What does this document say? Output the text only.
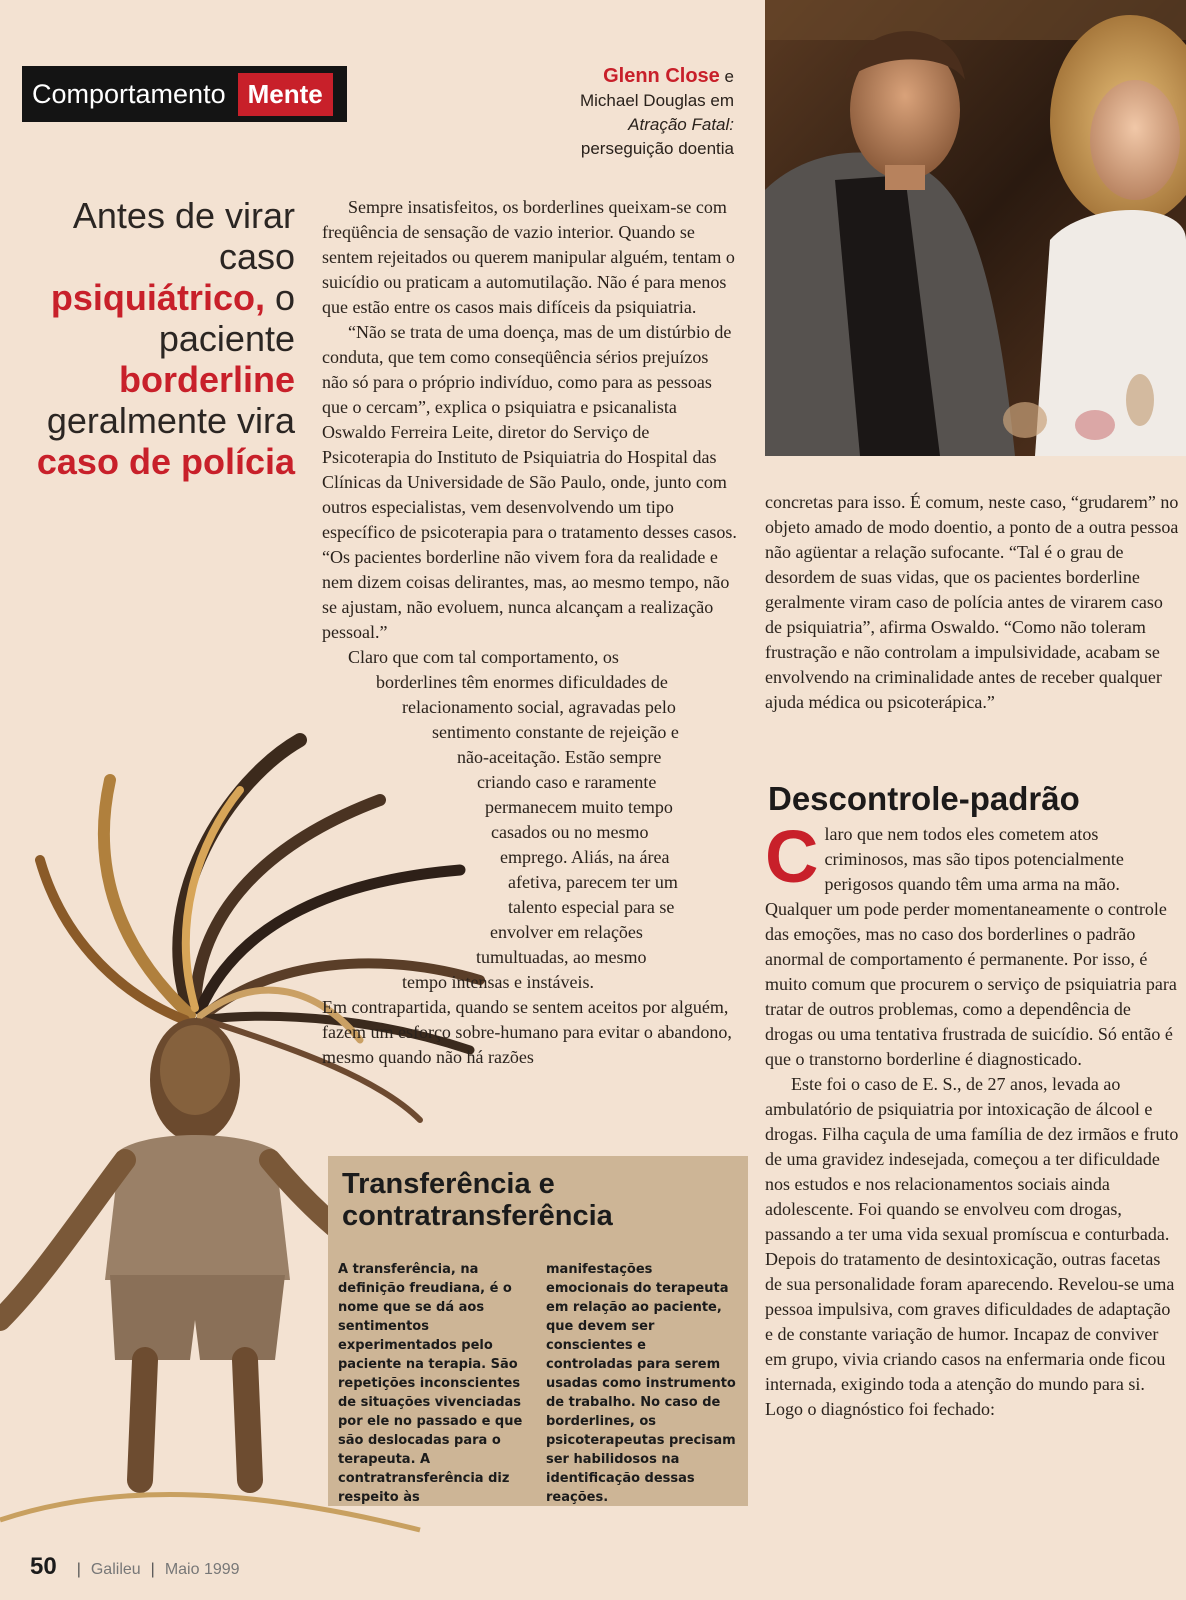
Comportamento Mente
Glenn Close e
Michael Douglas em
Atração Fatal:
perseguição doentia
Antes de virar caso psiquiátrico, o paciente borderline geralmente vira caso de polícia

Sempre insatisfeitos, os borderlines queixam-se com freqüência de sensação de vazio interior. Quando se sentem rejeitados ou querem manipular alguém, tentam o suicídio ou praticam a automutilação. Não é para menos que estão entre os casos mais difíceis da psiquiatria.

“Não se trata de uma doença, mas de um distúrbio de conduta, que tem como conseqüência sérios prejuízos não só para o próprio indivíduo, como para as pessoas que o cercam”, explica o psiquiatra e psicanalista Oswaldo Ferreira Leite, diretor do Serviço de Psicoterapia do Instituto de Psiquiatria do Hospital das Clínicas da Universidade de São Paulo, onde, junto com outros especialistas, vem desenvolvendo um tipo específico de psicoterapia para o tratamento desses casos. “Os pacientes borderline não vivem fora da realidade e nem dizem coisas delirantes, mas, ao mesmo tempo, não se ajustam, não evoluem, nunca alcançam a realização pessoal.”

Claro que com tal comportamento, os
borderlines têm enormes dificuldades de
relacionamento social, agravadas pelo
sentimento constante de rejeição e
não-aceitação. Estão sempre
criando caso e raramente
permanecem muito tempo
casados ou no mesmo
emprego. Aliás, na área
afetiva, parecem ter um
talento especial para se
envolver em relações
tumultuadas, ao mesmo
tempo intensas e instáveis.

Em contrapartida, quando se sentem aceitos por alguém, fazem um esforço sobre-humano para evitar o abandono, mesmo quando não há razões

Transferência e
contratransferência
A transferência, na definição freudiana, é o nome que se dá aos sentimentos experimentados pelo paciente na terapia. São repetições inconscientes de situações vivenciadas por ele no passado e que são deslocadas para o terapeuta. A contratransferência diz respeito às
manifestações emocionais do terapeuta em relação ao paciente, que devem ser conscientes e controladas para serem usadas como instrumento de trabalho. No caso de borderlines, os psicoterapeutas precisam ser habilidosos na identificação dessas reações.

concretas para isso. É comum, neste caso, “grudarem” no objeto amado de modo doentio, a ponto de a outra pessoa não agüentar a relação sufocante. “Tal é o grau de desordem de suas vidas, que os pacientes borderline geralmente viram caso de polícia antes de virarem caso de psiquiatria”, afirma Oswaldo. “Como não toleram frustração e não controlam a impulsividade, acabam se envolvendo na criminalidade antes de receber qualquer ajuda médica ou psicoterápica.”

Descontrole-padrão

Claro que nem todos eles cometem atos criminosos, mas são tipos potencialmente perigosos quando têm uma arma na mão. Qualquer um pode perder momentaneamente o controle das emoções, mas no caso dos borderlines o padrão anormal de comportamento é permanente. Por isso, é muito comum que procurem o serviço de psiquiatria para tratar de outros problemas, como a dependência de drogas ou uma tentativa frustrada de suicídio. Só então é que o transtorno borderline é diagnosticado.

Este foi o caso de E. S., de 27 anos, levada ao ambulatório de psiquiatria por intoxicação de álcool e drogas. Filha caçula de uma família de dez irmãos e fruto de uma gravidez indesejada, começou a ter dificuldade nos estudos e nos relacionamentos sociais ainda adolescente. Foi quando se envolveu com drogas, passando a ter uma vida sexual promíscua e conturbada. Depois do tratamento de desintoxicação, outras facetas de sua personalidade foram aparecendo. Revelou-se uma pessoa impulsiva, com graves dificuldades de adaptação e de constante variação de humor. Incapaz de conviver em grupo, vivia criando casos na enfermaria onde ficou internada, exigindo toda a atenção do mundo para si. Logo o diagnóstico foi fechado:

50 | Galileu | Maio 1999
